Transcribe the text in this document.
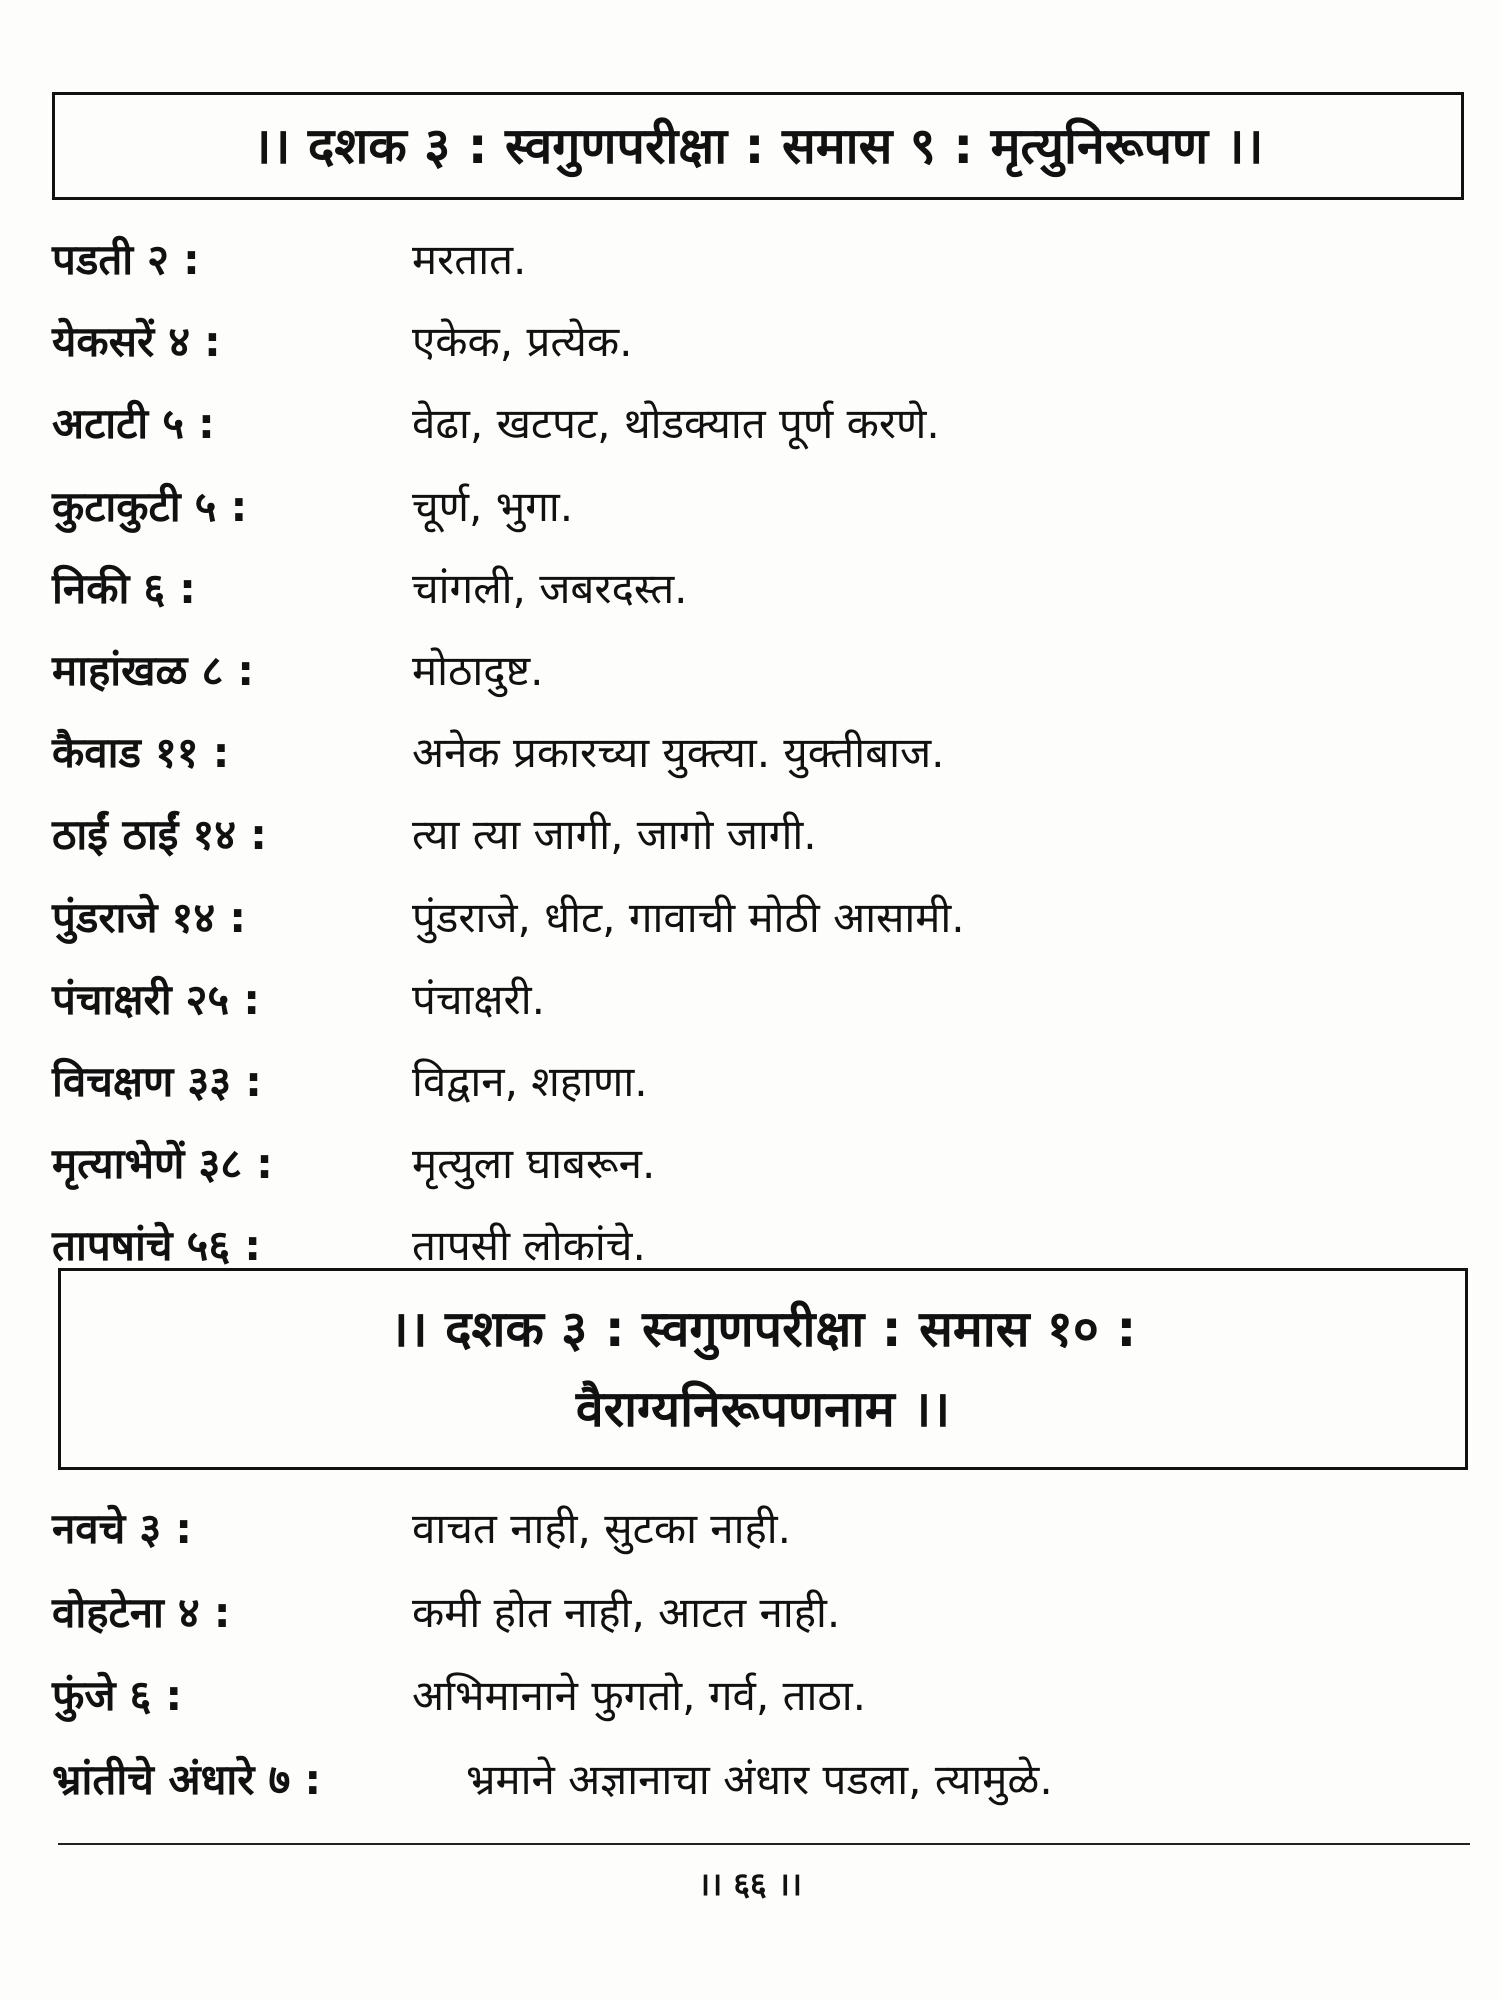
।। दशक ३ : स्वगुणपरीक्षा : समास ९ : मृत्युनिरूपण ।।
पडती २ :	मरतात.
येकसरें ४ :	एकेक, प्रत्येक.
अटाटी ५ :	वेढा, खटपट, थोडक्यात पूर्ण करणे.
कुटाकुटी ५ :	चूर्ण, भुगा.
निकी ६ :	चांगली, जबरदस्त.
माहांखळ ८ :	मोठादुष्ट.
कैवाड ११ :	अनेक प्रकारच्या युक्त्या. युक्तीबाज.
ठाईं ठाईं १४ :	त्या त्या जागी, जागो जागी.
पुंडराजे १४ :	पुंडराजे, धीट, गावाची मोठी आसामी.
पंचाक्षरी २५ :	पंचाक्षरी.
विचक्षण ३३ :	विद्वान, शहाणा.
मृत्याभेणें ३८ :	मृत्युला घाबरून.
तापषांचे ५६ :	तापसी लोकांचे.
।। दशक ३ : स्वगुणपरीक्षा : समास १० :
वैराग्यनिरूपणनाम ।।
नवचे ३ :	वाचत नाही, सुटका नाही.
वोहटेना ४ :	कमी होत नाही, आटत नाही.
फुंजे ६ :	अभिमानाने फुगतो, गर्व, ताठा.
भ्रांतीचे अंधारे ७ :	भ्रमाने अज्ञानाचा अंधार पडला, त्यामुळे.
।। ६६ ।।
